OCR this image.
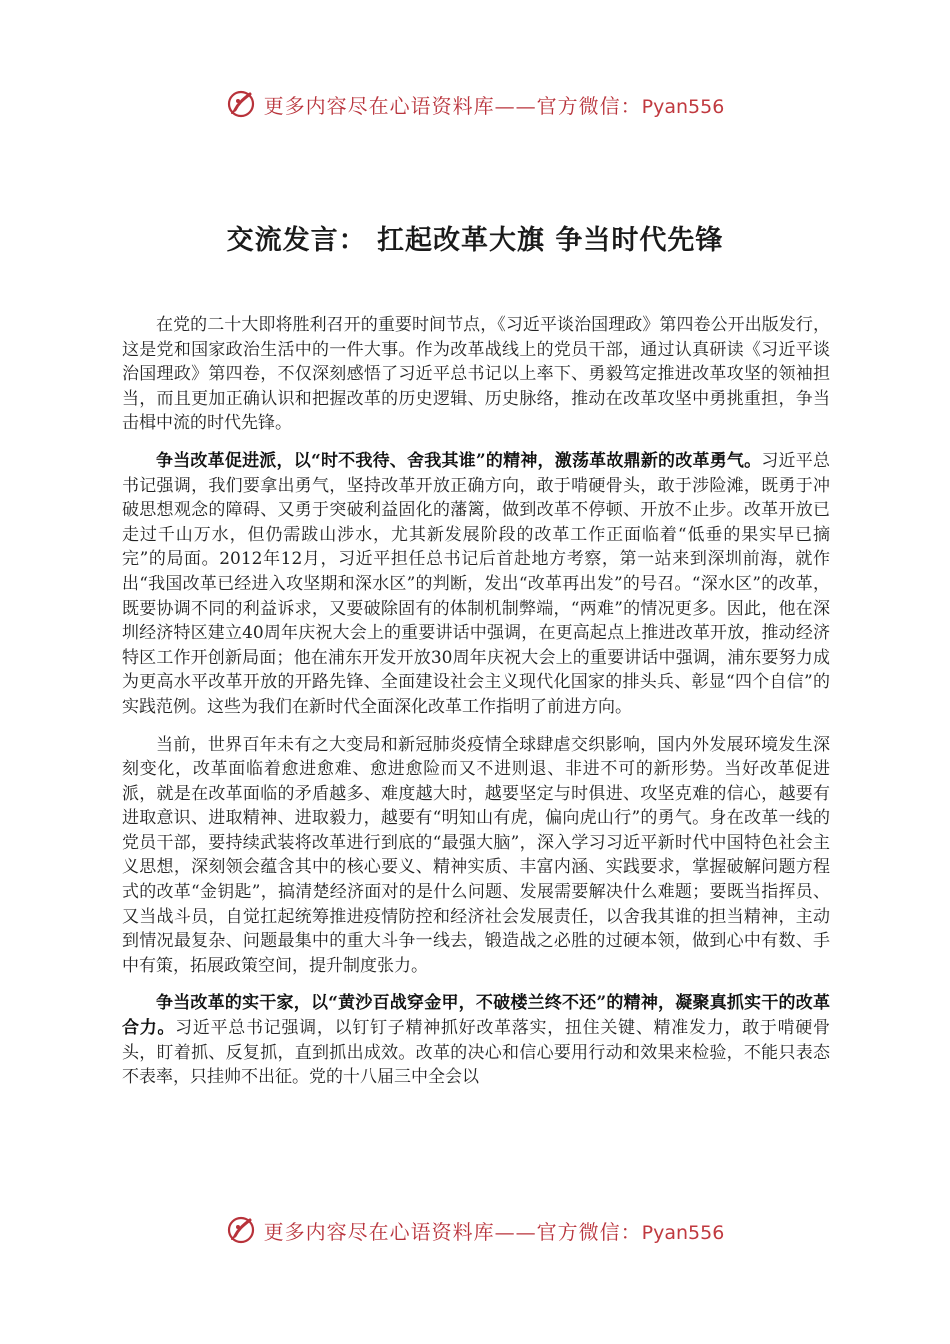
更多内容尽在心语资料库——官方微信：Pyan556
交流发言： 扛起改革大旗 争当时代先锋

在党的二十大即将胜利召开的重要时间节点，《习近平谈治国理政》第四卷公开出版发行，这是党和国家政治生活中的一件大事。作为改革战线上的党员干部，通过认真研读《习近平谈治国理政》第四卷，不仅深刻感悟了习近平总书记以上率下、勇毅笃定推进改革攻坚的领袖担当，而且更加正确认识和把握改革的历史逻辑、历史脉络，推动在改革攻坚中勇挑重担，争当击楫中流的时代先锋。

争当改革促进派，以“时不我待、舍我其谁”的精神，激荡革故鼎新的改革勇气。习近平总书记强调，我们要拿出勇气，坚持改革开放正确方向，敢于啃硬骨头，敢于涉险滩，既勇于冲破思想观念的障碍、又勇于突破利益固化的藩篱，做到改革不停顿、开放不止步。改革开放已走过千山万水，但仍需跋山涉水，尤其新发展阶段的改革工作正面临着“低垂的果实早已摘完”的局面。2012年12月，习近平担任总书记后首赴地方考察，第一站来到深圳前海，就作出“我国改革已经进入攻坚期和深水区”的判断，发出“改革再出发”的号召。“深水区”的改革，既要协调不同的利益诉求，又要破除固有的体制机制弊端，“两难”的情况更多。因此，他在深圳经济特区建立40周年庆祝大会上的重要讲话中强调，在更高起点上推进改革开放，推动经济特区工作开创新局面；他在浦东开发开放30周年庆祝大会上的重要讲话中强调，浦东要努力成为更高水平改革开放的开路先锋、全面建设社会主义现代化国家的排头兵、彰显“四个自信”的实践范例。这些为我们在新时代全面深化改革工作指明了前进方向。

当前，世界百年未有之大变局和新冠肺炎疫情全球肆虐交织影响，国内外发展环境发生深刻变化，改革面临着愈进愈难、愈进愈险而又不进则退、非进不可的新形势。当好改革促进派，就是在改革面临的矛盾越多、难度越大时，越要坚定与时俱进、攻坚克难的信心，越要有进取意识、进取精神、进取毅力，越要有“明知山有虎，偏向虎山行”的勇气。身在改革一线的党员干部，要持续武装将改革进行到底的“最强大脑”，深入学习习近平新时代中国特色社会主义思想，深刻领会蕴含其中的核心要义、精神实质、丰富内涵、实践要求，掌握破解问题方程式的改革“金钥匙”，搞清楚经济面对的是什么问题、发展需要解决什么难题；要既当指挥员、又当战斗员，自觉扛起统筹推进疫情防控和经济社会发展责任，以舍我其谁的担当精神，主动到情况最复杂、问题最集中的重大斗争一线去，锻造战之必胜的过硬本领，做到心中有数、手中有策，拓展政策空间，提升制度张力。

争当改革的实干家，以“黄沙百战穿金甲，不破楼兰终不还”的精神，凝聚真抓实干的改革合力。习近平总书记强调，以钉钉子精神抓好改革落实，扭住关键、精准发力，敢于啃硬骨头，盯着抓、反复抓，直到抓出成效。改革的决心和信心要用行动和效果来检验，不能只表态不表率，只挂帅不出征。党的十八届三中全会以

更多内容尽在心语资料库——官方微信：Pyan556
